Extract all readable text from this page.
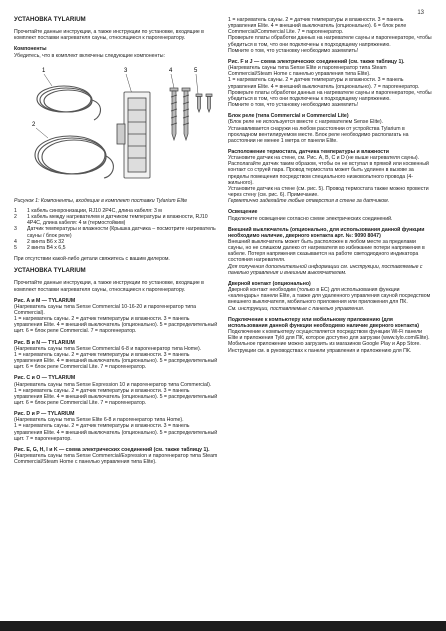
13
УСТАНОВКА TYLARIUM

Прочитайте данные инструкции, а также инструкции по установке, входящие в комплект поставки нагревателя сауны, относящиеся к парогенератору.

Компоненты

Убедитесь, что в комплект включены следующие компоненты:

1	3	4	5
2

Рисунок 1: Компоненты, входящие в комплект поставки Tylarium Elite

1	1 кабель синхронизации, RJ10 2P4C, длина кабеля: 3 м
2	1 кабель между нагревателем и датчиком температуры и влажности, RJ10 4P4C, длина кабеля: 4 м (термостойким)
3	Датчик температуры и влажности (Крышка датчика – посмотрите нагреватель сауны / блок реле)
4	2 винта B6 x 32
5	2 винта B4 x 6,5

При отсутствии какой-либо детали свяжитесь с вашим дилером.

УСТАНОВКА TYLARIUM

Прочитайте данные инструкции, а также инструкции по установке, входящие в комплект поставки нагревателя сауны, относящиеся к парогенератору.

Рис. A и M — TYLARIUM

(Нагреватель сауны типа Sense Commercial 10-16-20 и парогенератор типа Commercial).
1 = нагреватель сауны. 2 = датчик температуры и влажности. 3 = панель управления Elite. 4 = внешний выключатель (опционально). 5 = распределительный щит. 6 = блок реле Commercial. 7 = парогенератор.

Рис. B и N — TYLARIUM

(Нагреватель сауны типа Sense Commercial 6-8 и парогенератор типа Home).
1 = нагреватель сауны. 2 = датчик температуры и влажности. 3 = панель управления Elite. 4 = внешний выключатель (опционально). 5 = распределительный щит. 6 = блок реле Commercial Lite. 7 = парогенератор.

Рис. C и O — TYLARIUM

(Нагреватель сауны типа Sense Expression 10 и парогенератор типа Commercial).
1 = нагреватель сауны. 2 = датчик температуры и влажности. 3 = панель управления Elite. 4 = внешний выключатель (опционально). 5 = распределительный щит. 6 = блок реле Commercial Lite. 7 = парогенератор.

Рис. D и P — TYLARIUM

(Нагреватель сауны типа Sense Elite 6-8 и парогенератор типа Home).
1 = нагреватель сауны. 2 = датчик температуры и влажности. 3 = панель управления Elite. 4 = внешний выключатель (опционально). 5 = распределительный щит. 7 = парогенератор.

Рис. E, G, H, I и K — схема электрических соединений (см. также таблицу 1).

(Нагреватель сауны типа Sense Commercial/Expression и парогенератор типа Steam Commercial/Steam Home с панелью управления типа Elite).

1 = нагреватель сауны. 2 = датчик температуры и влажности. 3 = панель управления Elite. 4 = внешний выключатель (опционально). 6 = блок реле Commercial/Commercial Lite. 7 = парогенератор.

Проверьте платы обработки данных на нагревателе сауны и парогенераторе, чтобы убедиться в том, что они подключены к подходящему напряжению.

Помните о том, что установку необходимо заземлить!

Рис. F и J — схема электрических соединений (см. также таблицу 1).

(Нагреватель сауны типа Sense Elite и парогенератор типа Steam Commercial/Steam Home с панелью управления типа Elite).
1 = нагреватель сауны. 2 = датчик температуры и влажности. 3 = панель управления Elite. 4 = внешний выключатель (опционально). 7 = парогенератор.

Проверьте платы обработки данных на нагревателе сауны и парогенераторе, чтобы убедиться в том, что они подключены к подходящему напряжению.

Помните о том, что установку необходимо заземлить!

Блок реле (типа Commercial и Commercial Lite)

(Блок реле не используется вместе с нагревателем Sense Elite).

Устанавливается снаружи на любом расстоянии от устройства Tylarium в прохладном вентилируемом месте. Блок реле необходимо располагать на расстоянии не менее 1 метра от панели Elite.

Расположение термостата, датчика температуры и влажности

Установите датчик на стене, см. Рис. A, B, C и D (не выше нагревателя сауны).

Располагайте датчик таким образом, чтобы он не вступал в прямой или косвенный контакт со струей пара. Провод термостата может быть удлинен в вызове за пределы помещения посредством специального низковольтного провода (4-жильного).

Установите датчик на стене (см. рис. 5). Провод термостата также можно провести через стену (см. рис. 6). Примечание.

Герметично заделайте любые отверстия в стене за датчиком.

Освещение

Подключите освещение согласно схеме электрических соединений.

Внешний выключатель (опционально, для использования данной функции необходимо наличие, дверного контакта арт. №: 9090 8047)

Внешний выключатель может быть расположен в любом месте за пределами сауны, но не слишком далеко от нагревателя во избежание потери напряжения в кабеле. Потеря напряжения сказывается на работе светодиодного индикатора состояния нагревателя.

Для получения дополнительной информации см. инструкции, поставляемые с панелью управления и внешним выключателем.

Дверной контакт (опционально)

Дверной контакт необходим (только в ЕС) для использования функции «календарь» панели Elite, а также для удаленного управления сауной посредством внешнего выключателя, мобильного приложения или приложения для ПК.

См. инструкции, поставляемые с панелью управления.

Подключение к компьютеру или мобильному приложению (для использования данной функции необходимо наличие дверного контакта)

Подключение к компьютеру осуществляется посредством функции Wi-Fi панели Elite и приложения Tylö для ПК, которое доступно для загрузки (www.tylo.com/Elite). Мобильное приложение можно загрузить из магазинов Google Play и App Store. Инструкции см. в руководствах к панели управления и приложению для ПК.
